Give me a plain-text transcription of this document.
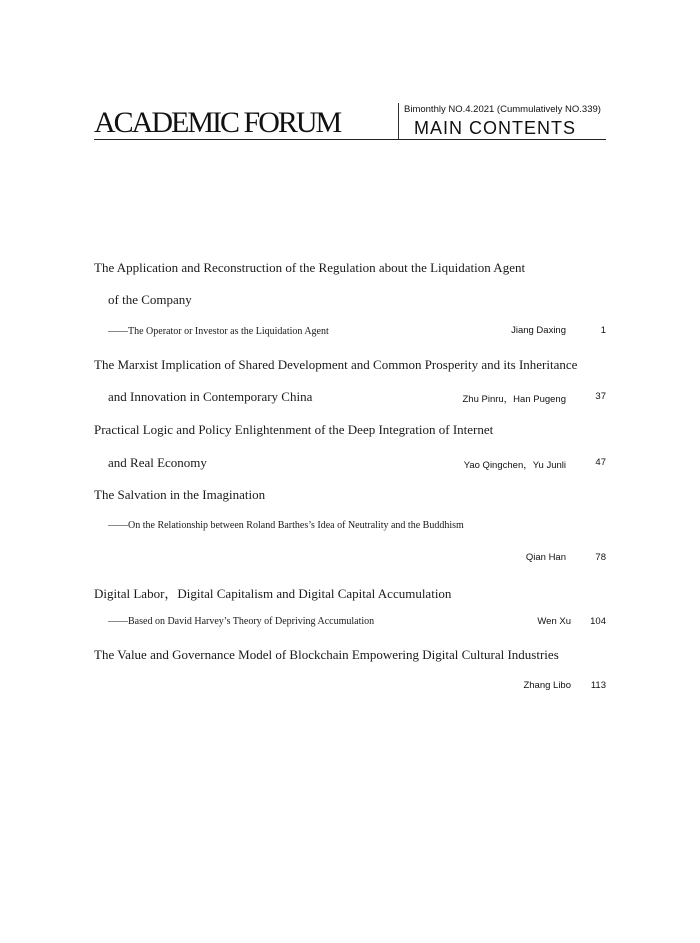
ACADEMIC FORUM	Bimonthly NO.4.2021 (Cummulatively NO.339)
MAIN CONTENTS
The Application and Reconstruction of the Regulation about the Liquidation Agent
of the Company
——The Operator or Investor as the Liquidation Agent	Jiang Daxing	1
The Marxist Implication of Shared Development and Common Prosperity and its Inheritance
and Innovation in Contemporary China	Zhu Pinru，Han Pugeng	37
Practical Logic and Policy Enlightenment of the Deep Integration of Internet
and Real Economy	Yao Qingchen，Yu Junli	47
The Salvation in the Imagination
——On the Relationship between Roland Barthes’s Idea of Neutrality and the Buddhism
Qian Han	78
Digital Labor，Digital Capitalism and Digital Capital Accumulation
——Based on David Harvey’s Theory of Depriving Accumulation	Wen Xu 104
The Value and Governance Model of Blockchain Empowering Digital Cultural Industries
Zhang Libo 113
